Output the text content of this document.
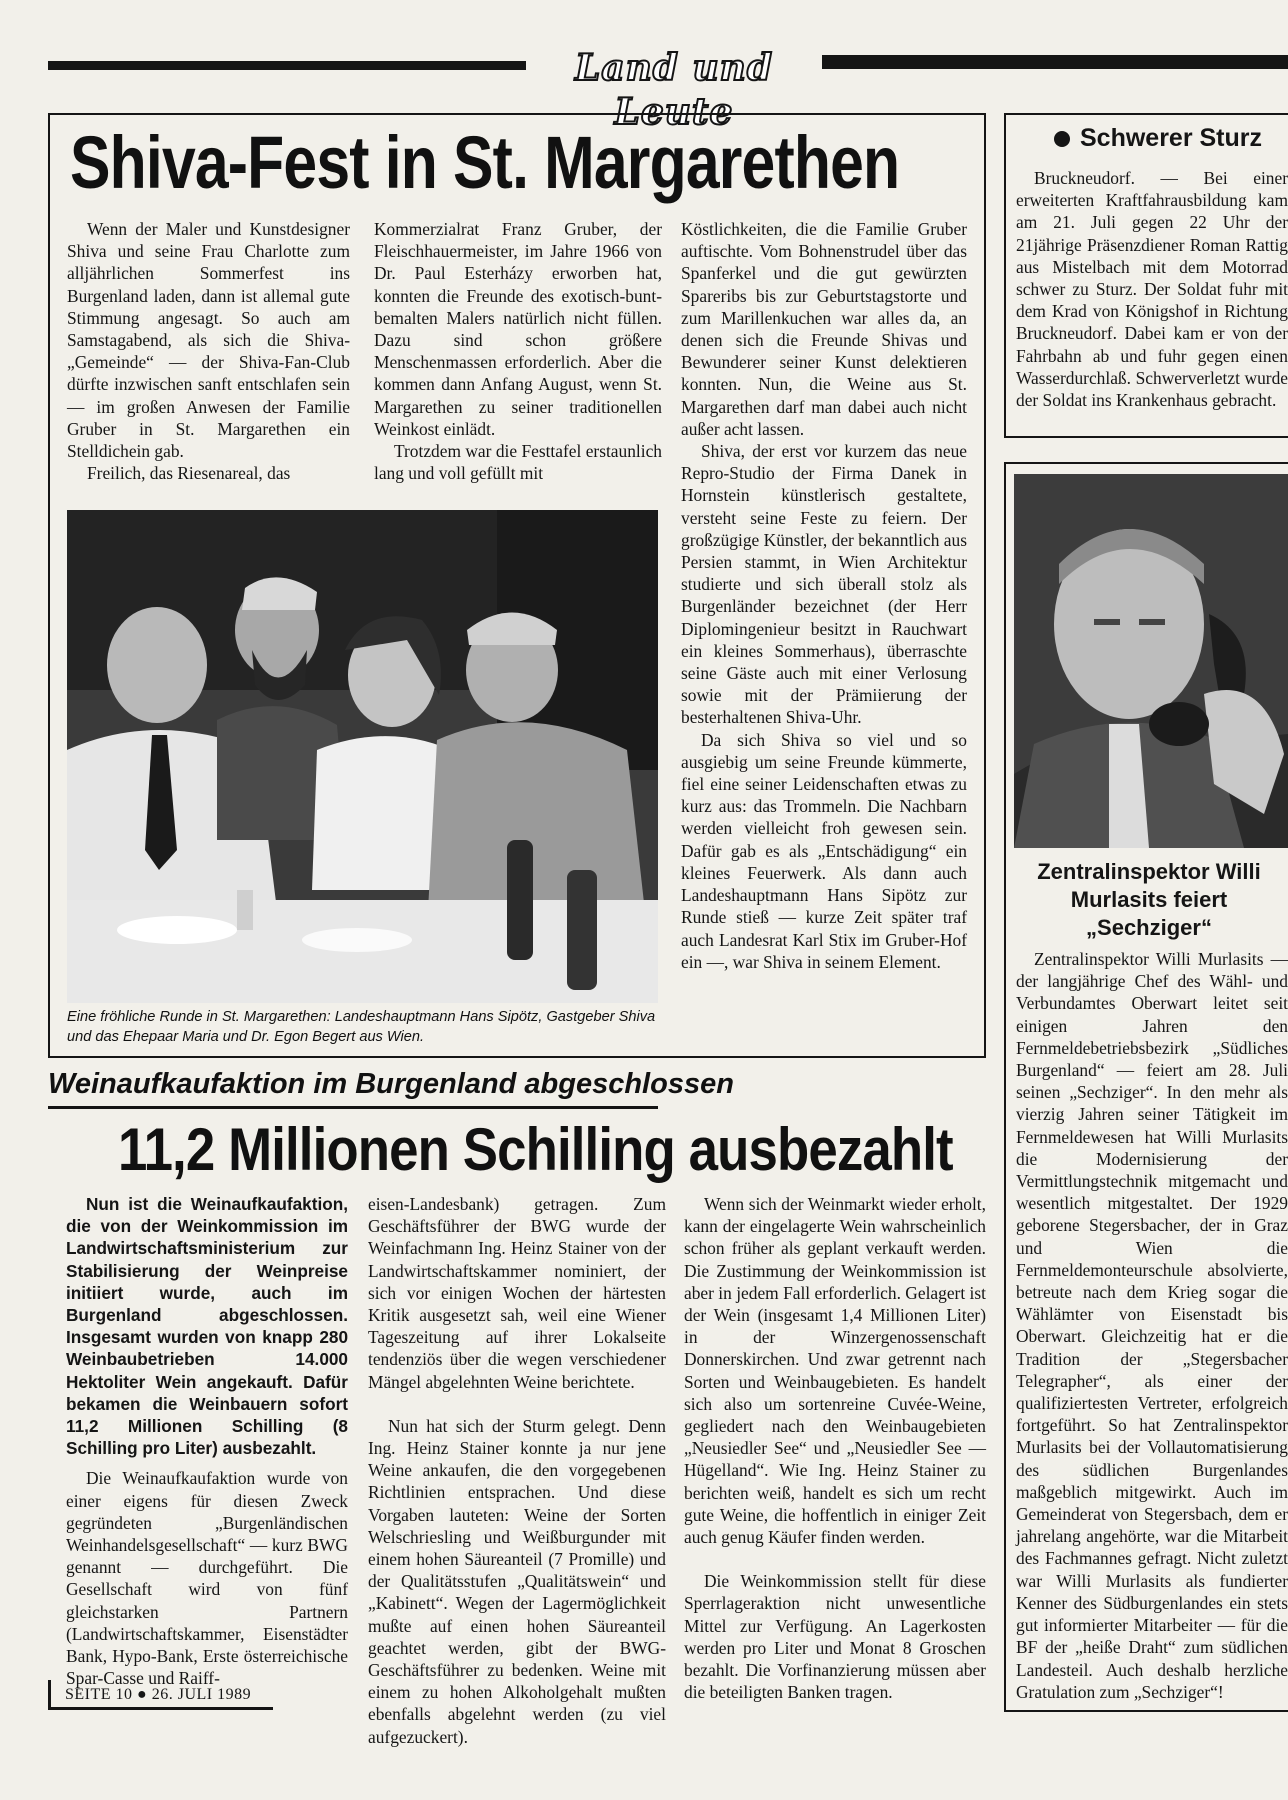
Land und Leute
Shiva-Fest in St. Margarethen

Wenn der Maler und Kunstdesigner Shiva und seine Frau Charlotte zum alljährlichen Sommerfest ins Burgenland laden, dann ist allemal gute Stimmung angesagt. So auch am Samstagabend, als sich die Shiva-„Gemeinde“ — der Shiva-Fan-Club dürfte inzwischen sanft entschlafen sein — im großen Anwesen der Familie Gruber in St. Margarethen ein Stelldichein gab.

Freilich, das Riesenareal, das

Kommerzialrat Franz Gruber, der Fleischhauermeister, im Jahre 1966 von Dr. Paul Esterházy erworben hat, konnten die Freunde des exotisch-bunt-bemalten Malers natürlich nicht füllen. Dazu sind schon größere Menschenmassen erforderlich. Aber die kommen dann Anfang August, wenn St. Margarethen zu seiner traditionellen Weinkost einlädt.

Trotzdem war die Festtafel erstaunlich lang und voll gefüllt mit

Köstlichkeiten, die die Familie Gruber auftischte. Vom Bohnenstrudel über das Spanferkel und die gut gewürzten Spareribs bis zur Geburtstagstorte und zum Marillenkuchen war alles da, an denen sich die Freunde Shivas und Bewunderer seiner Kunst delektieren konnten. Nun, die Weine aus St. Margarethen darf man dabei auch nicht außer acht lassen.

Shiva, der erst vor kurzem das neue Repro-Studio der Firma Danek in Hornstein künstlerisch gestaltete, versteht seine Feste zu feiern. Der großzügige Künstler, der bekanntlich aus Persien stammt, in Wien Architektur studierte und sich überall stolz als Burgenländer bezeichnet (der Herr Diplomingenieur besitzt in Rauchwart ein kleines Sommerhaus), überraschte seine Gäste auch mit einer Verlosung sowie mit der Prämiierung der besterhaltenen Shiva-Uhr.

Da sich Shiva so viel und so ausgiebig um seine Freunde kümmerte, fiel eine seiner Leidenschaften etwas zu kurz aus: das Trommeln. Die Nachbarn werden vielleicht froh gewesen sein. Dafür gab es als „Entschädigung“ ein kleines Feuerwerk. Als dann auch Landeshauptmann Hans Sipötz zur Runde stieß — kurze Zeit später traf auch Landesrat Karl Stix im Gruber-Hof ein —, war Shiva in seinem Element.

Eine fröhliche Runde in St. Margarethen: Landeshauptmann Hans Sipötz, Gastgeber Shiva und das Ehepaar Maria und Dr. Egon Begert aus Wien.
Weinaufkaufaktion im Burgenland abgeschlossen
11,2 Millionen Schilling ausbezahlt

Nun ist die Weinaufkaufaktion, die von der Weinkommission im Landwirtschaftsministerium zur Stabilisierung der Weinpreise initiiert wurde, auch im Burgenland abgeschlossen. Insgesamt wurden von knapp 280 Weinbaubetrieben 14.000 Hektoliter Wein angekauft. Dafür bekamen die Weinbauern sofort 11,2 Millionen Schilling (8 Schilling pro Liter) ausbezahlt.

Die Weinaufkaufaktion wurde von einer eigens für diesen Zweck gegründeten „Burgenländischen Weinhandelsgesellschaft“ — kurz BWG genannt — durchgeführt. Die Gesellschaft wird von fünf gleichstarken Partnern (Landwirtschaftskammer, Eisenstädter Bank, Hypo-Bank, Erste österreichische Spar-Casse und Raiff-

eisen-Landesbank) getragen. Zum Geschäftsführer der BWG wurde der Weinfachmann Ing. Heinz Stainer von der Landwirtschaftskammer nominiert, der sich vor einigen Wochen der härtesten Kritik ausgesetzt sah, weil eine Wiener Tageszeitung auf ihrer Lokalseite tendenziös über die wegen verschiedener Mängel abgelehnten Weine berichtete.

Nun hat sich der Sturm gelegt. Denn Ing. Heinz Stainer konnte ja nur jene Weine ankaufen, die den vorgegebenen Richtlinien entsprachen. Und diese Vorgaben lauteten: Weine der Sorten Welschriesling und Weißburgunder mit einem hohen Säureanteil (7 Promille) und der Qualitätsstufen „Qualitätswein“ und „Kabinett“. Wegen der Lagermöglichkeit mußte auf einen hohen Säureanteil geachtet werden, gibt der BWG-Geschäftsführer zu bedenken. Weine mit einem zu hohen Alkoholgehalt mußten ebenfalls abgelehnt werden (zu viel aufgezuckert).

Wenn sich der Weinmarkt wieder erholt, kann der eingelagerte Wein wahrscheinlich schon früher als geplant verkauft werden. Die Zustimmung der Weinkommission ist aber in jedem Fall erforderlich. Gelagert ist der Wein (insgesamt 1,4 Millionen Liter) in der Winzergenossenschaft Donnerskirchen. Und zwar getrennt nach Sorten und Weinbaugebieten. Es handelt sich also um sortenreine Cuvée-Weine, gegliedert nach den Weinbaugebieten „Neusiedler See“ und „Neusiedler See — Hügelland“. Wie Ing. Heinz Stainer zu berichten weiß, handelt es sich um recht gute Weine, die hoffentlich in einiger Zeit auch genug Käufer finden werden.

Die Weinkommission stellt für diese Sperrlageraktion nicht unwesentliche Mittel zur Verfügung. An Lagerkosten werden pro Liter und Monat 8 Groschen bezahlt. Die Vorfinanzierung müssen aber die beteiligten Banken tragen.

SEITE 10 ● 26. JULI 1989
Schwerer Sturz
Bruckneudorf. — Bei einer erweiterten Kraftfahrausbildung kam am 21. Juli gegen 22 Uhr der 21jährige Präsenzdiener Roman Rattig aus Mistelbach mit dem Motorrad schwer zu Sturz. Der Soldat fuhr mit dem Krad von Königshof in Richtung Bruckneudorf. Dabei kam er von der Fahrbahn ab und fuhr gegen einen Wasserdurchlaß. Schwerverletzt wurde der Soldat ins Krankenhaus gebracht.
Zentralinspektor Willi Murlasits feiert „Sechziger“
Zentralinspektor Willi Murlasits — der langjährige Chef des Wähl- und Verbundamtes Oberwart leitet seit einigen Jahren den Fernmeldebetriebsbezirk „Südliches Burgenland“ — feiert am 28. Juli seinen „Sechziger“. In den mehr als vierzig Jahren seiner Tätigkeit im Fernmeldewesen hat Willi Murlasits die Modernisierung der Vermittlungstechnik mitgemacht und wesentlich mitgestaltet. Der 1929 geborene Stegersbacher, der in Graz und Wien die Fernmeldemonteurschule absolvierte, betreute nach dem Krieg sogar die Wählämter von Eisenstadt bis Oberwart. Gleichzeitig hat er die Tradition der „Stegersbacher Telegrapher“, als einer der qualifiziertesten Vertreter, erfolgreich fortgeführt. So hat Zentralinspektor Murlasits bei der Vollautomatisierung des südlichen Burgenlandes maßgeblich mitgewirkt. Auch im Gemeinderat von Stegersbach, dem er jahrelang angehörte, war die Mitarbeit des Fachmannes gefragt. Nicht zuletzt war Willi Murlasits als fundierter Kenner des Südburgenlandes ein stets gut informierter Mitarbeiter — für die BF der „heiße Draht“ zum südlichen Landesteil. Auch deshalb herzliche Gratulation zum „Sechziger“!
